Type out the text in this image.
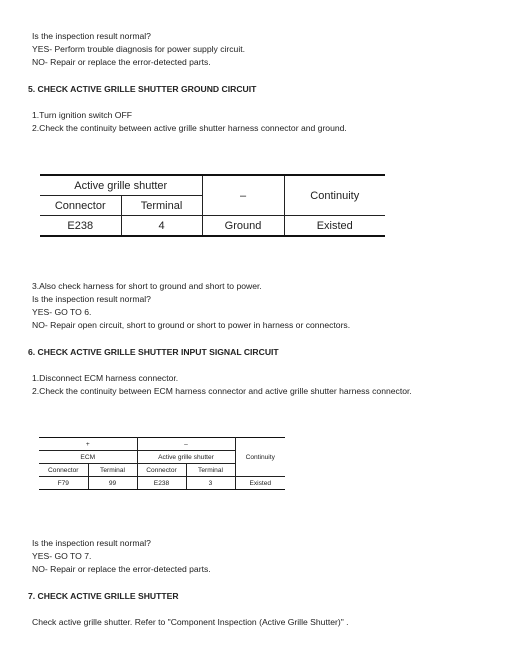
Is the inspection result normal?
YES- Perform trouble diagnosis for power supply circuit.
NO- Repair or replace the error-detected parts.
5. CHECK ACTIVE GRILLE SHUTTER GROUND CIRCUIT
1.Turn ignition switch OFF
2.Check the continuity between active grille shutter harness connector and ground.
Active grille shutter		–	Continuity
Connector	Terminal		
E238	4	Ground	Existed
3.Also check harness for short to ground and short to power.
Is the inspection result normal?
YES- GO TO 6.
NO- Repair open circuit, short to ground or short to power in harness or connectors.
6. CHECK ACTIVE GRILLE SHUTTER INPUT SIGNAL CIRCUIT
1.Disconnect ECM harness connector.
2.Check the continuity between ECM harness connector and active grille shutter harness connector.
+		–		Continuity
ECM		Active grille shutter		
Connector	Terminal	Connector	Terminal	
F79	99	E238	3	Existed
Is the inspection result normal?
YES- GO TO 7.
NO- Repair or replace the error-detected parts.
7. CHECK ACTIVE GRILLE SHUTTER
Check active grille shutter. Refer to "Component Inspection (Active Grille Shutter)" .
